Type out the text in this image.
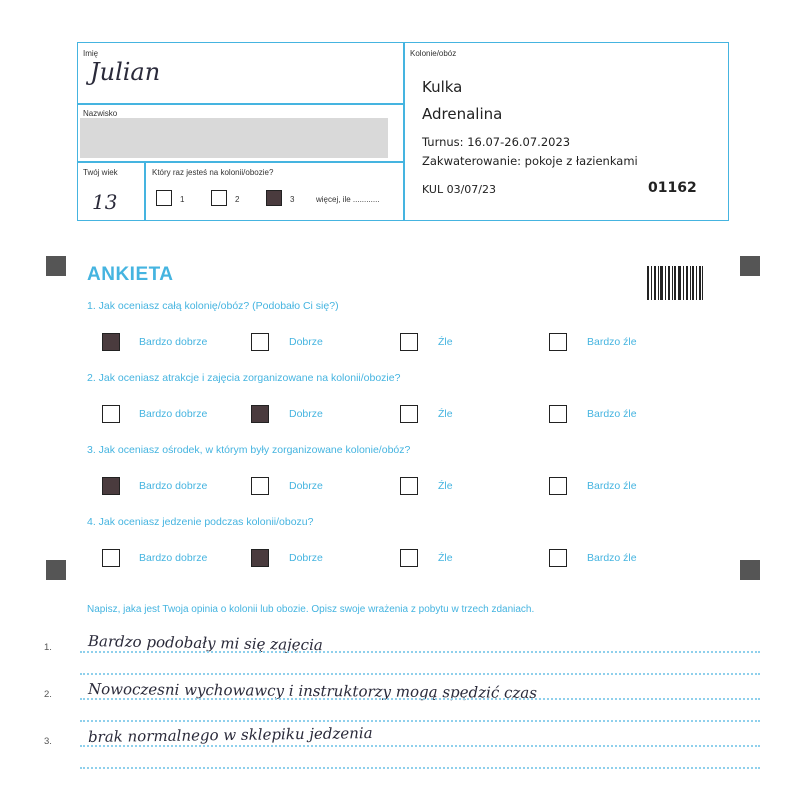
Imię
Julian
Nazwisko
Twój wiek
13
Który raz jesteś na kolonii/obozie?
1	2	3	więcej, ile ............
Kolonie/obóz
Kulka
Adrenalina
Turnus: 16.07-26.07.2023
Zakwaterowanie: pokoje z łazienkami
KUL 03/07/23	01162
ANKIETA
1. Jak oceniasz całą kolonię/obóz? (Podobało Ci się?)
Bardzo dobrze	Dobrze	Źle	Bardzo źle
2. Jak oceniasz atrakcje i zajęcia zorganizowane na kolonii/obozie?
Bardzo dobrze	Dobrze	Źle	Bardzo źle
3. Jak oceniasz ośrodek, w którym były zorganizowane kolonie/obóz?
Bardzo dobrze	Dobrze	Źle	Bardzo źle
4. Jak oceniasz jedzenie podczas kolonii/obozu?
Bardzo dobrze	Dobrze	Źle	Bardzo źle
Napisz, jaka jest Twoja opinia o kolonii lub obozie. Opisz swoje wrażenia z pobytu w trzech zdaniach.
1. Bardzo podobały mi się zajęcia
2. Nowoczesni wychowawcy i instruktorzy mogą spędzić czas
3. brak normalnego w sklepiku jedzenia
